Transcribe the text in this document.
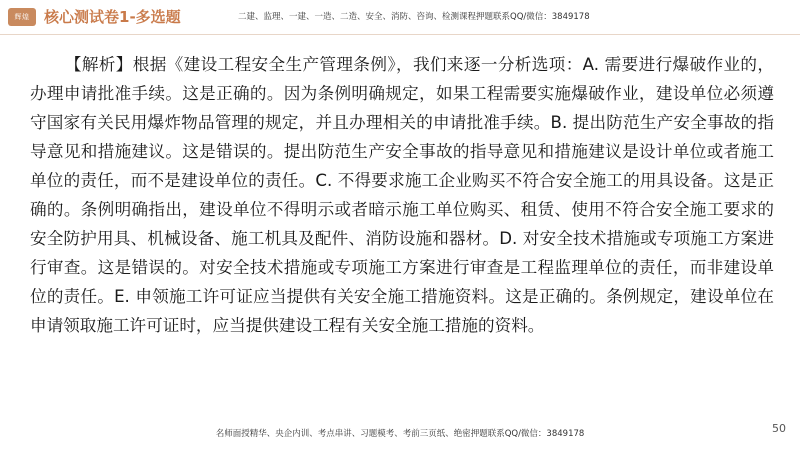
辉煌 核心测试卷1-多选题	二建、监理、一建、一造、二造、安全、消防、咨询、检测课程押题联系QQ/微信：3849178

【解析】根据《建设工程安全生产管理条例》，我们来逐一分析选项：A. 需要进行爆破作业的，办理申请批准手续。这是正确的。因为条例明确规定，如果工程需要实施爆破作业，建设单位必须遵守国家有关民用爆炸物品管理的规定，并且办理相关的申请批准手续。B. 提出防范生产安全事故的指导意见和措施建议。这是错误的。提出防范生产安全事故的指导意见和措施建议是设计单位或者施工单位的责任，而不是建设单位的责任。C. 不得要求施工企业购买不符合安全施工的用具设备。这是正确的。条例明确指出，建设单位不得明示或者暗示施工单位购买、租赁、使用不符合安全施工要求的安全防护用具、机械设备、施工机具及配件、消防设施和器材。D. 对安全技术措施或专项施工方案进行审查。这是错误的。对安全技术措施或专项施工方案进行审查是工程监理单位的责任，而非建设单位的责任。E. 申领施工许可证应当提供有关安全施工措施资料。这是正确的。条例规定，建设单位在申请领取施工许可证时，应当提供建设工程有关安全施工措施的资料。

名师面授精华、央企内训、考点串讲、习题模考、考前三页纸、绝密押题联系QQ/微信：3849178	50
